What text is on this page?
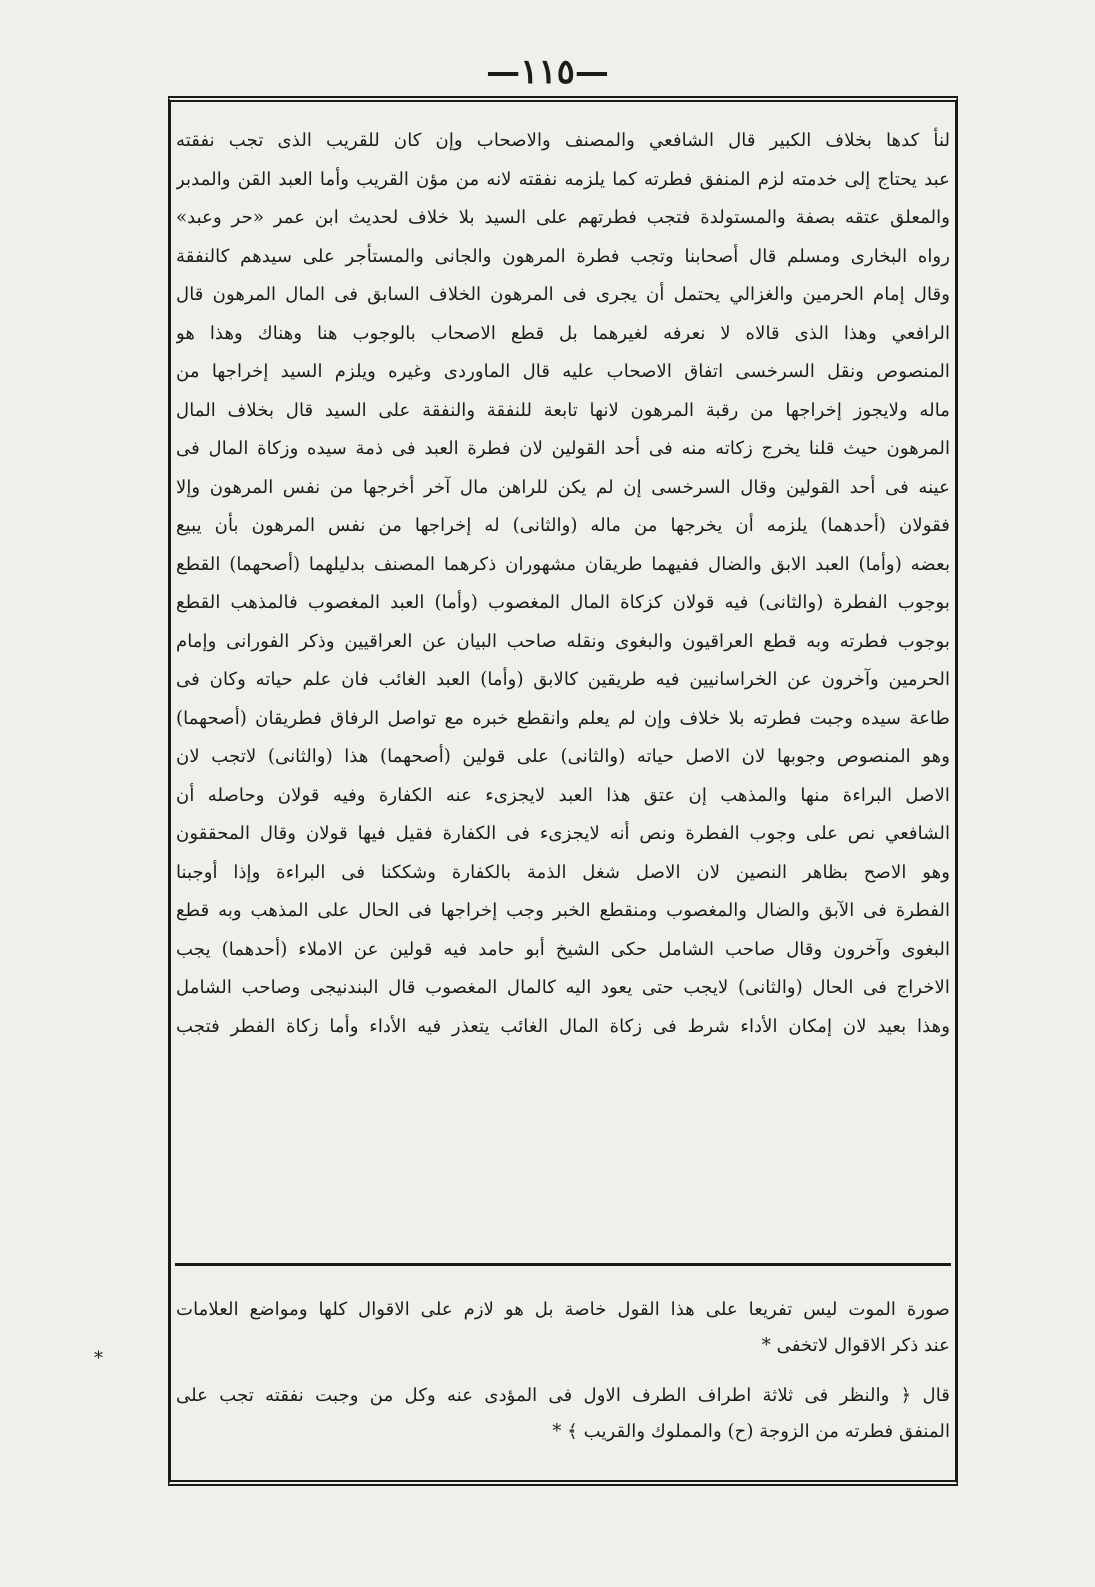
—١١٥—
لنأ كدها بخلاف الكبير قال الشافعي والمصنف والاصحاب وإن كان للقريب الذى تجب نفقته
عبد يحتاج إلى خدمته لزم المنفق فطرته كما يلزمه نفقته لانه من مؤن القريب وأما العبد القن والمدبر
والمعلق عتقه بصفة والمستولدة فتجب فطرتهم على السيد بلا خلاف لحديث ابن عمر «حر وعبد»
رواه البخارى ومسلم قال أصحابنا وتجب فطرة المرهون والجانى والمستأجر على سيدهم كالنفقة
وقال إمام الحرمين والغزالي يحتمل أن يجرى فى المرهون الخلاف السابق فى المال المرهون قال
الرافعي وهذا الذى قالاه لا نعرفه لغيرهما بل قطع الاصحاب بالوجوب هنا وهناك وهذا هو
المنصوص ونقل السرخسى اتفاق الاصحاب عليه قال الماوردى وغيره ويلزم السيد إخراجها من
ماله ولايجوز إخراجها من رقبة المرهون لانها تابعة للنفقة والنفقة على السيد قال بخلاف المال
المرهون حيث قلنا يخرج زكاته منه فى أحد القولين لان فطرة العبد فى ذمة سيده وزكاة المال فى
عينه فى أحد القولين وقال السرخسى إن لم يكن للراهن مال آخر أخرجها من نفس المرهون وإلا
فقولان (أحدهما) يلزمه أن يخرجها من ماله (والثانى) له إخراجها من نفس المرهون بأن يبيع
بعضه (وأما) العبد الابق والضال ففيهما طريقان مشهوران ذكرهما المصنف بدليلهما (أصحهما) القطع
بوجوب الفطرة (والثانى) فيه قولان كزكاة المال المغصوب (وأما) العبد المغصوب فالمذهب القطع
بوجوب فطرته وبه قطع العراقيون والبغوى ونقله صاحب البيان عن العراقيين وذكر الفورانى وإمام
الحرمين وآخرون عن الخراسانيين فيه طريقين كالابق (وأما) العبد الغائب فان علم حياته وكان فى
طاعة سيده وجبت فطرته بلا خلاف وإن لم يعلم وانقطع خبره مع تواصل الرفاق فطريقان (أصحهما)
وهو المنصوص وجوبها لان الاصل حياته (والثانى) على قولين (أصحهما) هذا (والثانى) لاتجب لان
الاصل البراءة منها والمذهب إن عتق هذا العبد لايجزىء عنه الكفارة وفيه قولان وحاصله أن
الشافعي نص على وجوب الفطرة ونص أنه لايجزىء فى الكفارة فقيل فيها قولان وقال المحققون
وهو الاصح بظاهر النصين لان الاصل شغل الذمة بالكفارة وشككنا فى البراءة وإذا أوجبنا
الفطرة فى الآبق والضال والمغصوب ومنقطع الخبر وجب إخراجها فى الحال على المذهب وبه قطع
البغوى وآخرون وقال صاحب الشامل حكى الشيخ أبو حامد فيه قولين عن الاملاء (أحدهما) يجب
الاخراج فى الحال (والثانى) لايجب حتى يعود اليه كالمال المغصوب قال البندنيجى وصاحب الشامل
وهذا بعيد لان إمكان الأداء شرط فى زكاة المال الغائب يتعذر فيه الأداء وأما زكاة الفطر فتجب
صورة الموت ليس تفريعا على هذا القول خاصة بل هو لازم على الاقوال كلها ومواضع العلامات
عند ذكر الاقوال لاتخفى *
قال ﴿ والنظر فى ثلاثة اطراف الطرف الاول فى المؤدى عنه وكل من وجبت نفقته تجب على
المنفق فطرته من الزوجة (ح) والمملوك والقريب ﴾ *
*
